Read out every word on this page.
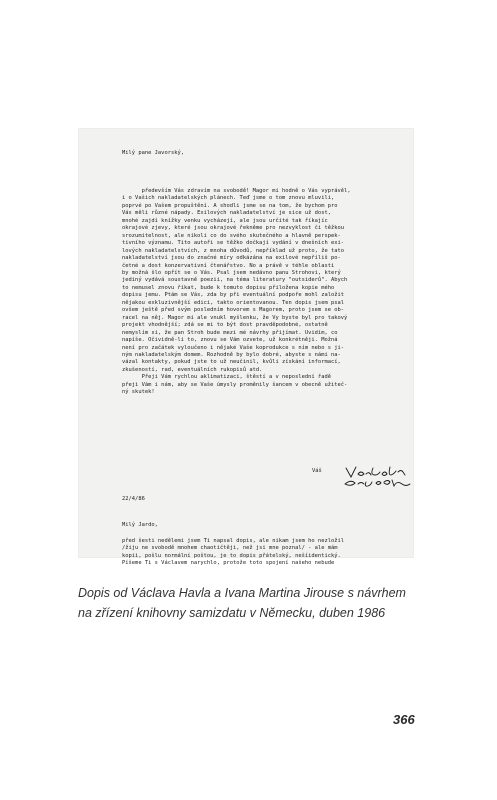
Milý pane Javorský,
především Vás zdravím na svobodě! Magor mi hodně o Vás vyprávěl,
i o Vašich nakladatelských plánech. Teď jsme o tom znovu mluvili,
poprvé po Vašem propuštění. A shodli jsme se na tom, že bychom pro
Vás měli různé nápady. Exilových nakladatelství je sice už dost,
mnohé zajdí knížky venku vycházejí, ale jsou určité tak říkajíc
okrajové zjevy, které jsou okrajové řekněme pro nezvyklost či těžkou
srozumitelnost, ale nikoli co do svého skutečného a hlavně perspek-
tivního významu. Tito autoři se těžko dočkají vydání v dnešních exi-
lových nakladatelstvích, z mnoha důvodů, nepříklad už proto, že tato
nakladatelství jsou do značné míry odkázána na exilové nepříliš po-
četné a dost konzervativní čtenářstvo. No a právě v téhle oblasti
by možná šlo opřít se o Vás. Psal jsem nedávno panu Strohovi, který
jediný vydává soustavně poezii, na téma literatury "outsiderů". Abych
to nemusel znovu říkat, bude k tomuto dopisu přiložena kopie mého
dopisu jemu. Ptám se Vás, zda by při eventuální podpoře mohl založit
nějakou exkluzivnější edici, takto orientovanou. Ten dopis jsem psal
ovšem ještě před svým posledním hovorem s Magorem, proto jsem se ob-
racel na něj. Magor mi ale vnukl myšlenku, že Vy byste byl pro takový
projekt vhodnější; zdá se mi to být dost pravděpodobné, ostatně
nemyslím si, že pan Stroh bude mezi mé návrhy přijímat. Uvidím, co
napíše. Očividně-li to, znovu se Vám ozvete, už konkrétněji. Možná
není pro začátek vyloučeno i nějaké Vaše koprodukce s ním nebo s ji-
ným nakladatelským domem. Rozhodně by bylo dobré, abyste s námi na-
vázal kontakty, pokud jste to už neučinil, kvůli získání informací,
zkušeností, rad, eventuálních rukopisů atd.
Přeji Vám rychlou aklimatizaci, štěstí a v neposlední řadě
přeji Vám i nám, aby se Vaše úmysly proměnily šancem v obecně užiteč-
ný skutek!
Váš
22/4/86
Milý Jardo,
před šesti nedělemi jsem Ti napsal dopis, ale nikam jsem ho nezložil
/žiju ne svobodě mnohem chaotičtěji, než jsi mne poznal/ - ale mám
kopii, pošlu normální poštou, je to dopis přátelský, nešíidentický.
Píšeme Ti s Václavem narychlo, protože toto spojení našeho nebude
Dopis od Václava Havla a Ivana Martina Jirouse s návrhem
na zřízení knihovny samizdatu v Německu, duben 1986
366
